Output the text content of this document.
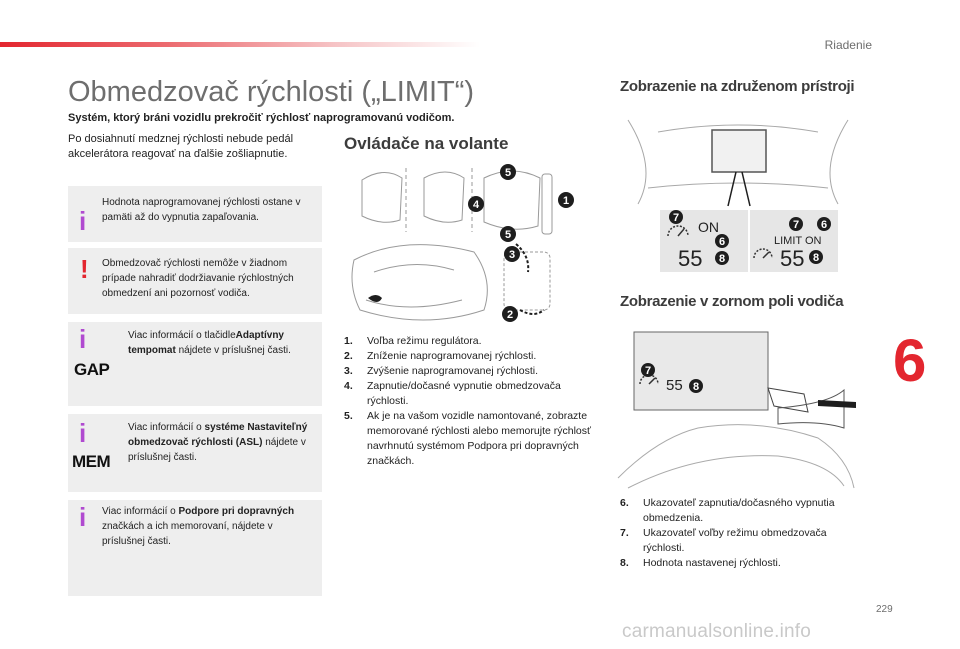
Riadenie
Obmedzovač rýchlosti („LIMIT“)

Systém, ktorý bráni vozidlu prekročiť rýchlosť naprogramovanú vodičom.

Po dosiahnutí medznej rýchlosti nebude pedál akcelerátora reagovať na ďalšie zošliapnutie.

i

Hodnota naprogramovanej rýchlosti ostane v pamäti až do vypnutia zapaľovania.

! Obmedzovač rýchlosti nemôže v žiadnom prípade nahradiť dodržiavanie rýchlostných obmedzení ani pozornosť vodiča.

i
GAP

Viac informácií o tlačidleAdaptívny tempomat nájdete v príslušnej časti.

i
MEM

Viac informácií o systéme Nastaviteľný obmedzovač rýchlosti (ASL) nájdete v príslušnej časti.

i Viac informácií o Podpore pri dopravných značkách a ich memorovaní, nájdete v príslušnej časti.

Ovládače na volante
5
4	1
5
3
2
1.	Voľba režimu regulátora.
2.	Zníženie naprogramovanej rýchlosti.
3.	Zvýšenie naprogramovanej rýchlosti.
4.	Zapnutie/dočasné vypnutie obmedzovača rýchlosti.
5.	Ak je na vašom vozidle namontované, zobrazte memorované rýchlosti alebo memorujte rýchlosť navrhnutú systémom Podpora pri dopravných značkách.
Zobrazenie na združenom prístroji
ON
55
7
6
8
LIMIT ON
55
7 6
8
Zobrazenie v zornom poli vodiča
55
7
8
6.	Ukazovateľ zapnutia/dočasného vypnutia obmedzenia.
7.	Ukazovateľ voľby režimu obmedzovača rýchlosti.
8.	Hodnota nastavenej rýchlosti.
6
229
carmanualsonline.info
